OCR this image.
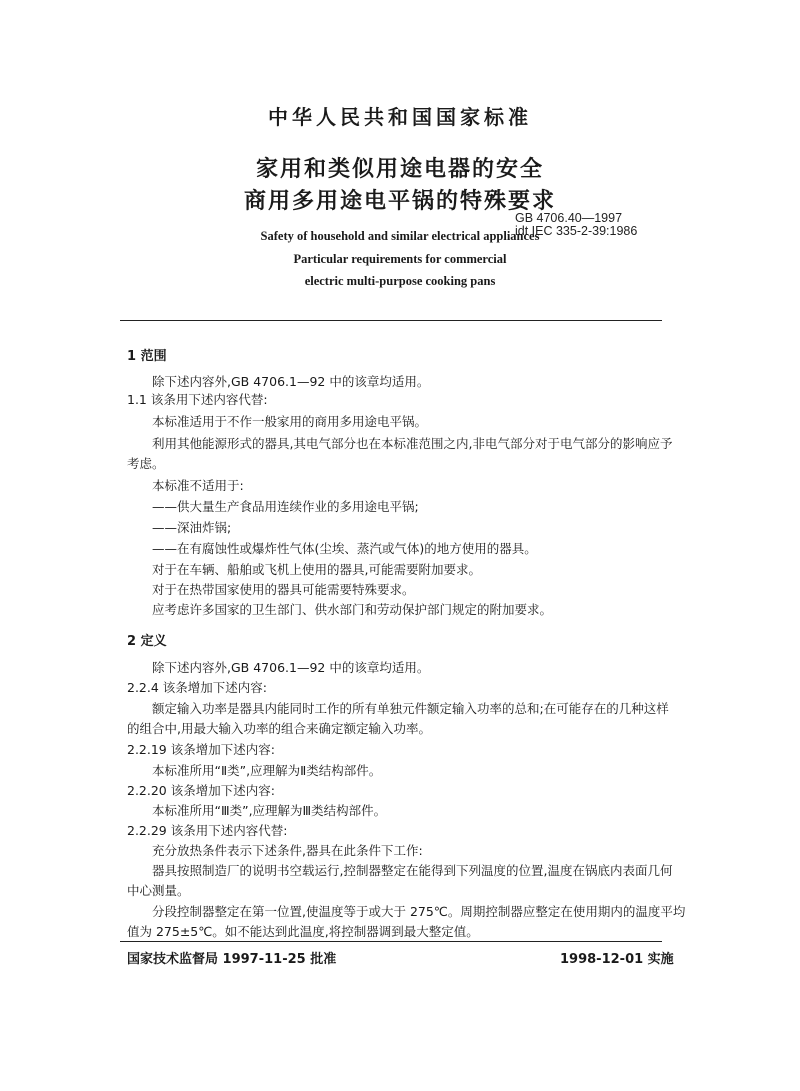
中华人民共和国国家标准
家用和类似用途电器的安全
商用多用途电平锅的特殊要求
GB 4706.40—1997
idt IEC 335-2-39:1986
Safety of household and similar electrical appliances
Particular requirements for commercial
electric multi-purpose cooking pans
1 范围
除下述内容外,GB 4706.1—92 中的该章均适用。
1.1 该条用下述内容代替:
本标准适用于不作一般家用的商用多用途电平锅。
利用其他能源形式的器具,其电气部分也在本标准范围之内,非电气部分对于电气部分的影响应予
考虑。
本标准不适用于:
——供大量生产食品用连续作业的多用途电平锅;
——深油炸锅;
——在有腐蚀性或爆炸性气体(尘埃、蒸汽或气体)的地方使用的器具。
对于在车辆、船舶或飞机上使用的器具,可能需要附加要求。
对于在热带国家使用的器具可能需要特殊要求。
应考虑许多国家的卫生部门、供水部门和劳动保护部门规定的附加要求。
2 定义
除下述内容外,GB 4706.1—92 中的该章均适用。
2.2.4 该条增加下述内容:
额定输入功率是器具内能同时工作的所有单独元件额定输入功率的总和;在可能存在的几种这样
的组合中,用最大输入功率的组合来确定额定输入功率。
2.2.19 该条增加下述内容:
本标准所用“Ⅱ类”,应理解为Ⅱ类结构部件。
2.2.20 该条增加下述内容:
本标准所用“Ⅲ类”,应理解为Ⅲ类结构部件。
2.2.29 该条用下述内容代替:
充分放热条件表示下述条件,器具在此条件下工作:
器具按照制造厂的说明书空载运行,控制器整定在能得到下列温度的位置,温度在锅底内表面几何
中心测量。
分段控制器整定在第一位置,使温度等于或大于 275℃。周期控制器应整定在使用期内的温度平均
值为 275±5℃。如不能达到此温度,将控制器调到最大整定值。
国家技术监督局 1997-11-25 批准	1998-12-01 实施
